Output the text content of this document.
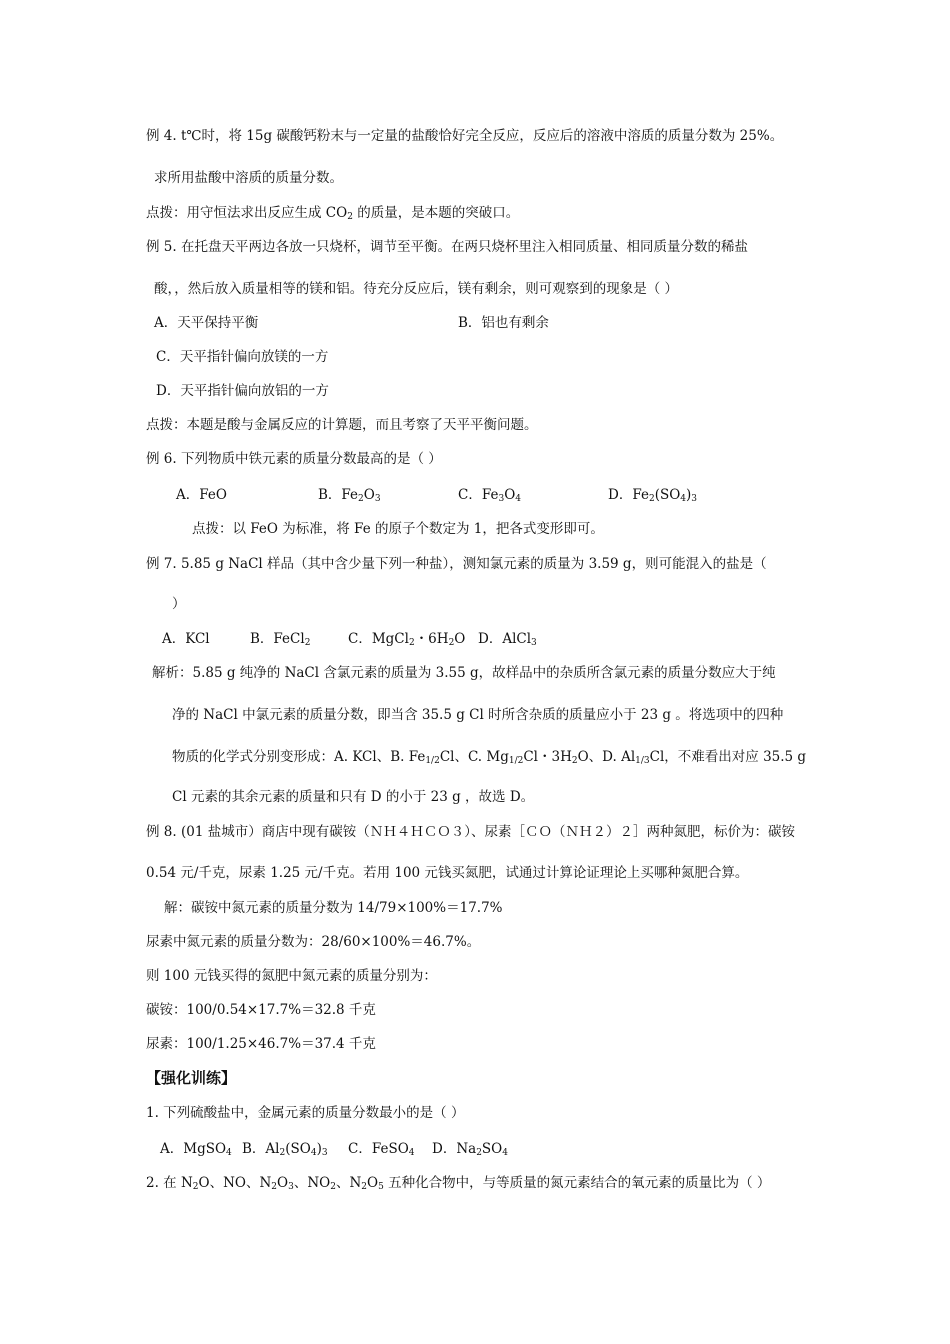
例 4. t℃时，将 15g 碳酸钙粉末与一定量的盐酸恰好完全反应，反应后的溶液中溶质的质量分数为 25%。
求所用盐酸中溶质的质量分数。
点拨：用守恒法求出反应生成 $CO_2$ 的质量，是本题的突破口。
例 5. 在托盘天平两边各放一只烧杯，调节至平衡。在两只烧杯里注入相同质量、相同质量分数的稀盐
酸，，然后放入质量相等的镁和铝。待充分反应后，镁有剩余，则可观察到的现象是（ ）
A．天平保持平衡	B．铝也有剩余
C．天平指针偏向放镁的一方
D．天平指针偏向放铝的一方
点拨：本题是酸与金属反应的计算题，而且考察了天平平衡问题。
例 6. 下列物质中铁元素的质量分数最高的是（ ）
A．FeO	B．$Fe_2O_3$	C．$Fe_3O_4$	D．$Fe_2(SO_4)_3$
点拨：以 FeO 为标准，将 Fe 的原子个数定为 1，把各式变形即可。
例 7. 5.85 g NaCl 样品（其中含少量下列一种盐），测知氯元素的质量为 3.59 g，则可能混入的盐是（
）
A．KCl	B．FeCl$_2$	C．MgCl$_2$・$6H_2O$ D．AlCl$_3$
解析：5.85 g 纯净的 NaCl 含氯元素的质量为 3.55 g，故样品中的杂质所含氯元素的质量分数应大于纯
净的 NaCl 中氯元素的质量分数，即当含 35.5 g Cl 时所含杂质的质量应小于 23 g 。将选项中的四种
物质的化学式分别变形成：A. KCl、B. $Fe_{1/2}Cl$、C. $Mg_{1/2}Cl$・$3H_2O$、D. $Al_{1/3}Cl$，不难看出对应 35.5 g
Cl 元素的其余元素的质量和只有 D 的小于 23 g ，故选 D。
例 8. (01 盐城市）商店中现有碳铵（ＮＨ４ＨＣＯ３）、尿素［ＣＯ（ＮＨ２）２］两种氮肥，标价为：碳铵
0.54 元/千克，尿素 1.25 元/千克。若用 100 元钱买氮肥，试通过计算论证理论上买哪种氮肥合算。
解：碳铵中氮元素的质量分数为 14/79×100%＝17.7%
尿素中氮元素的质量分数为：28/60×100%＝46.7%。
则 100 元钱买得的氮肥中氮元素的质量分别为：
碳铵：100/0.54×17.7%＝32.8 千克
尿素：100/1.25×46.7%＝37.4 千克
【强化训练】
1. 下列硫酸盐中，金属元素的质量分数最小的是（ ）
A．MgSO$_4$ B．$Al_2(SO_4)_3$ C．FeSO$_4$ D．$Na_2SO_4$
2. 在 $N_2O$、NO、$N_2O_3$、$NO_2$、$N_2O_5$ 五种化合物中，与等质量的氮元素结合的氧元素的质量比为（ ）
